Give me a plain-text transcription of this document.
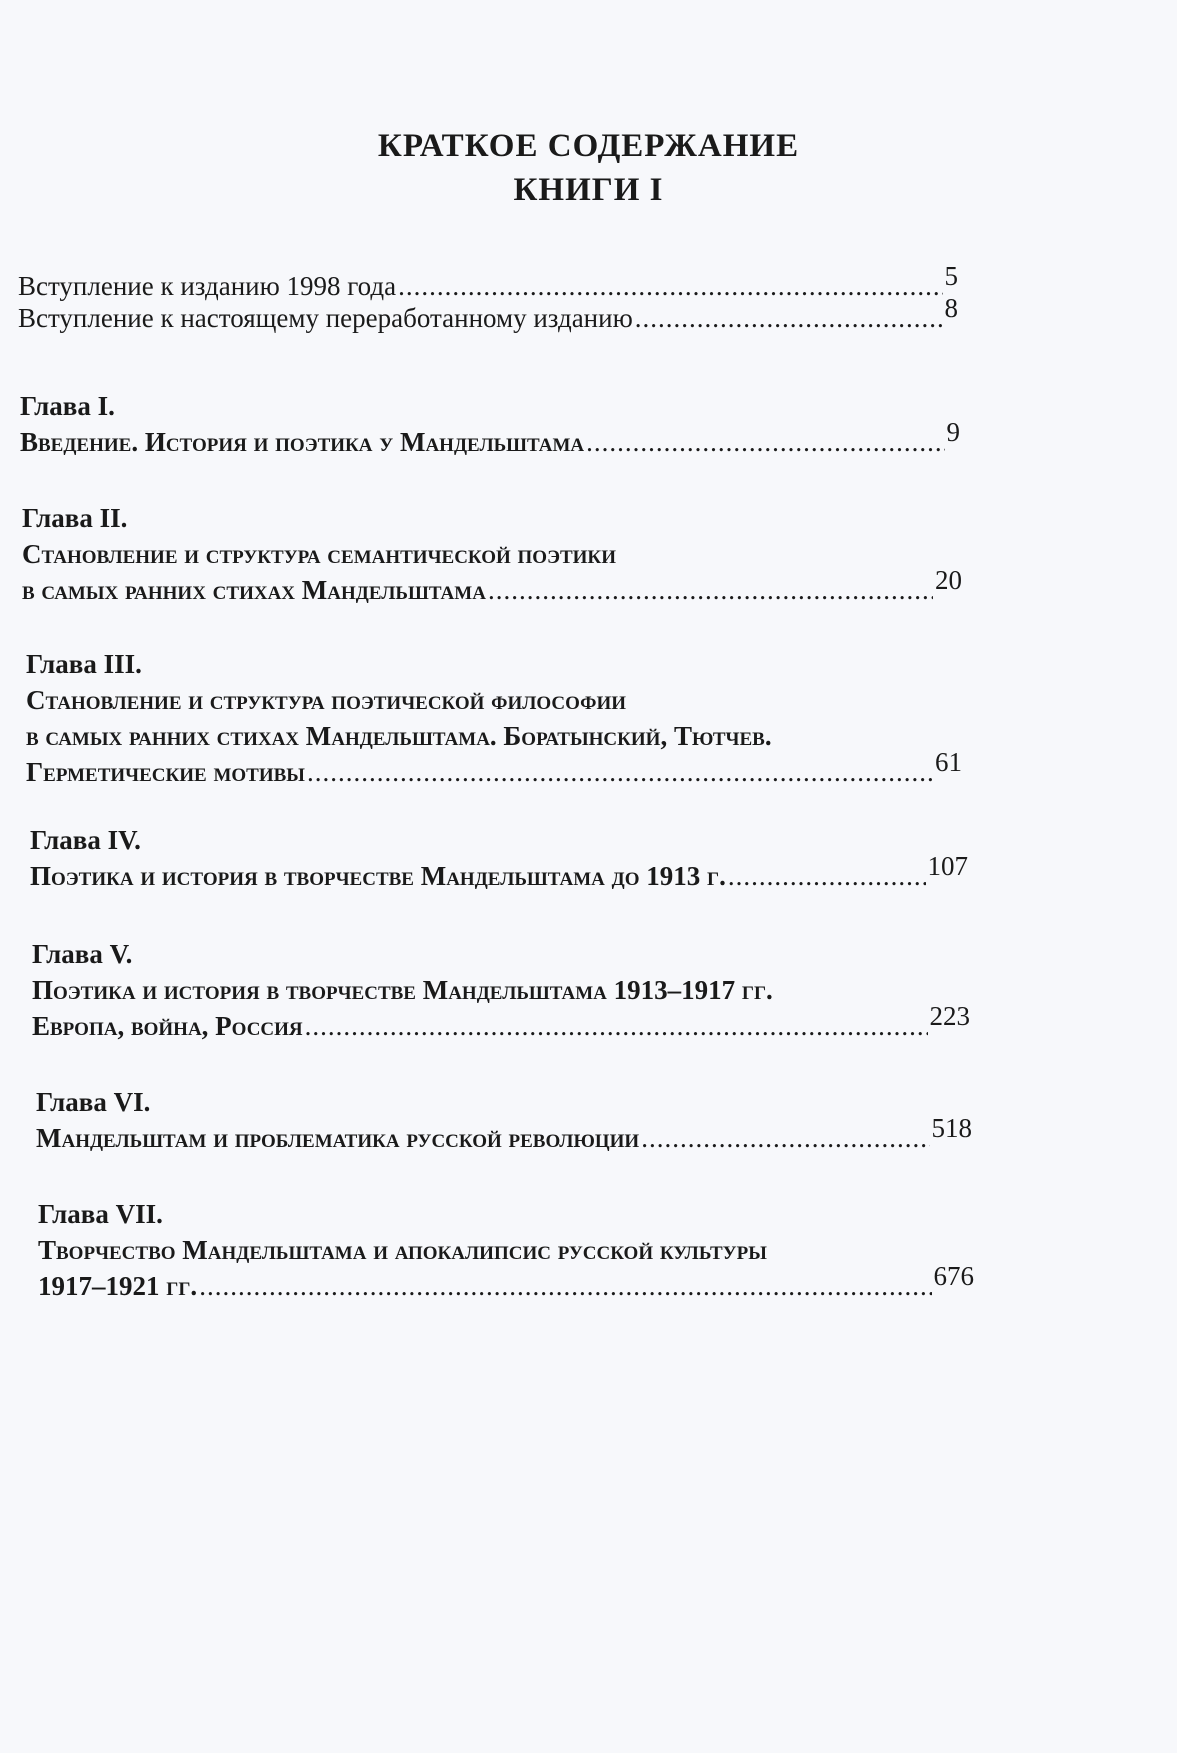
КРАТКОЕ СОДЕРЖАНИЕ
КНИГИ I
Вступление к изданию 1998 года .....	5
Вступление к настоящему переработанному изданию .....	8
Глава I.
Введение. История и поэтика у Мандельштама .....	9
Глава II.
Становление и структура семантической поэтики
в самых ранних стихах Мандельштама .....	20
Глава III.
Становление и структура поэтической философии
в самых ранних стихах Мандельштама. Боратынский, Тютчев.
Герметические мотивы .....	61
Глава IV.
Поэтика и история в творчестве Мандельштама до 1913 г. .....	107
Глава V.
Поэтика и история в творчестве Мандельштама 1913–1917 гг.
Европа, война, Россия .....	223
Глава VI.
Мандельштам и проблематика русской революции .....	518
Глава VII.
Творчество Мандельштама и апокалипсис русской культуры
1917–1921 гг. .....	676
